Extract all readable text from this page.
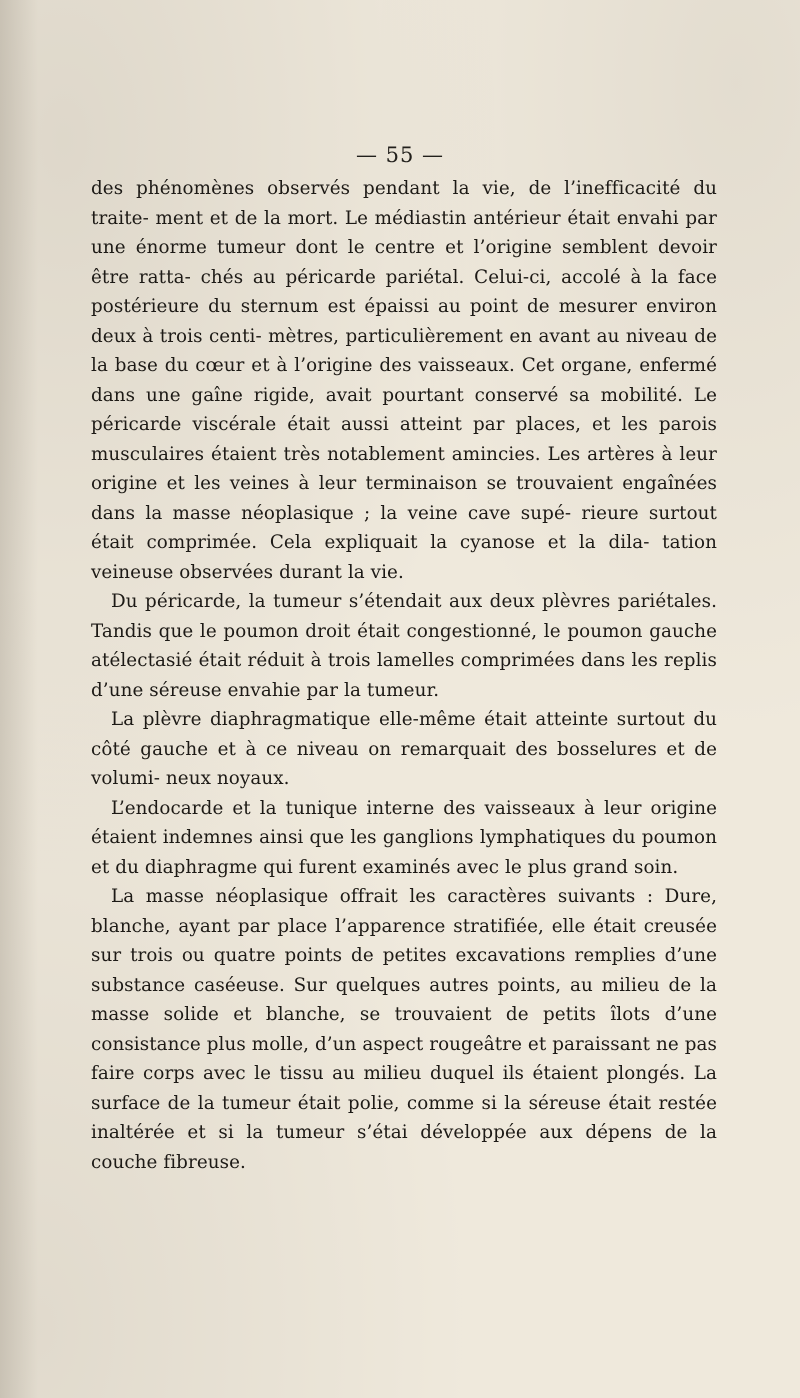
— 55 —

des phénomènes observés pendant la vie, de l’inefficacité du traite- ment et de la mort. Le médiastin antérieur était envahi par une énorme tumeur dont le centre et l’origine semblent devoir être ratta- chés au péricarde pariétal. Celui-ci, accolé à la face postérieure du sternum est épaissi au point de mesurer environ deux à trois centi- mètres, particulièrement en avant au niveau de la base du cœur et à l’origine des vaisseaux. Cet organe, enfermé dans une gaîne rigide, avait pourtant conservé sa mobilité. Le péricarde viscérale était aussi atteint par places, et les parois musculaires étaient très notablement amincies. Les artères à leur origine et les veines à leur terminaison se trouvaient engaînées dans la masse néoplasique ; la veine cave supé- rieure surtout était comprimée. Cela expliquait la cyanose et la dila- tation veineuse observées durant la vie.

Du péricarde, la tumeur s’étendait aux deux plèvres pariétales. Tandis que le poumon droit était congestionné, le poumon gauche atélectasié était réduit à trois lamelles comprimées dans les replis d’une séreuse envahie par la tumeur.

La plèvre diaphragmatique elle-même était atteinte surtout du côté gauche et à ce niveau on remarquait des bosselures et de volumi- neux noyaux.

L’endocarde et la tunique interne des vaisseaux à leur origine étaient indemnes ainsi que les ganglions lymphatiques du poumon et du diaphragme qui furent examinés avec le plus grand soin.

La masse néoplasique offrait les caractères suivants : Dure, blanche, ayant par place l’apparence stratifiée, elle était creusée sur trois ou quatre points de petites excavations remplies d’une substance caséeuse. Sur quelques autres points, au milieu de la masse solide et blanche, se trouvaient de petits îlots d’une consistance plus molle, d’un aspect rougeâtre et paraissant ne pas faire corps avec le tissu au milieu duquel ils étaient plongés. La surface de la tumeur était polie, comme si la séreuse était restée inaltérée et si la tumeur s’étai développée aux dépens de la couche fibreuse.
